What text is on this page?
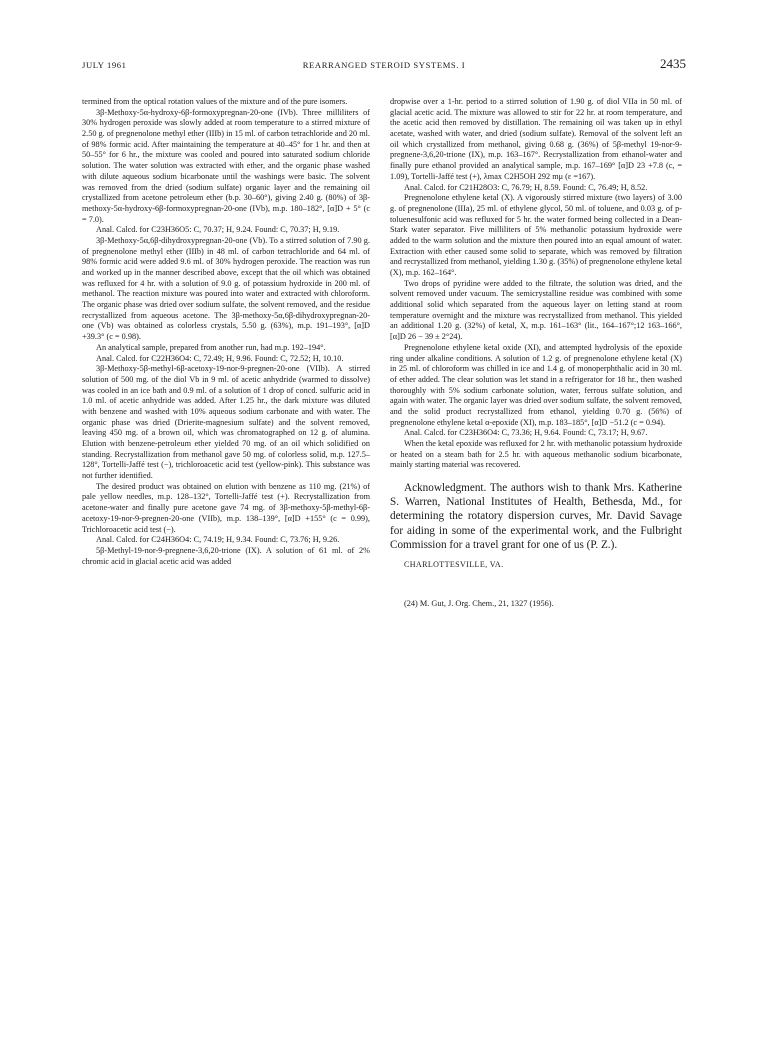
JULY 1961	REARRANGED STEROID SYSTEMS. I	2435

termined from the optical rotation values of the mixture and of the pure isomers.

3β-Methoxy-5α-hydroxy-6β-formoxypregnan-20-one (IVb). Three milliliters of 30% hydrogen peroxide was slowly added at room temperature to a stirred mixture of 2.50 g. of pregnenolone methyl ether (IIIb) in 15 ml. of carbon tetrachloride and 20 ml. of 98% formic acid. After maintaining the temperature at 40–45° for 1 hr. and then at 50–55° for 6 hr., the mixture was cooled and poured into saturated sodium chloride solution. The water solution was extracted with ether, and the organic phase washed with dilute aqueous sodium bicarbonate until the washings were basic. The solvent was removed from the dried (sodium sulfate) organic layer and the remaining oil crystallized from acetone petroleum ether (b.p. 30–60°), giving 2.40 g. (80%) of 3β-methoxy-5α-hydroxy-6β-formoxypregnan-20-one (IVb), m.p. 180–182°, [α]D + 5° (c = 7.0).

Anal. Calcd. for C23H36O5: C, 70.37; H, 9.24. Found: C, 70.37; H, 9.19.

3β-Methoxy-5α,6β-dihydroxypregnan-20-one (Vb). To a stirred solution of 7.90 g. of pregnenolone methyl ether (IIIb) in 48 ml. of carbon tetrachloride and 64 ml. of 98% formic acid were added 9.6 ml. of 30% hydrogen peroxide. The reaction was run and worked up in the manner described above, except that the oil which was obtained was refluxed for 4 hr. with a solution of 9.0 g. of potassium hydroxide in 200 ml. of methanol. The reaction mixture was poured into water and extracted with chloroform. The organic phase was dried over sodium sulfate, the solvent removed, and the residue recrystallized from aqueous acetone. The 3β-methoxy-5α,6β-dihydroxypregnan-20-one (Vb) was obtained as colorless crystals, 5.50 g. (63%), m.p. 191–193°, [α]D +39.3° (c = 0.98).

An analytical sample, prepared from another run, had m.p. 192–194°.

Anal. Calcd. for C22H36O4: C, 72.49; H, 9.96. Found: C, 72.52; H, 10.10.

3β-Methoxy-5β-methyl-6β-acetoxy-19-nor-9-pregnen-20-one (VIIb). A stirred solution of 500 mg. of the diol Vb in 9 ml. of acetic anhydride (warmed to dissolve) was cooled in an ice bath and 0.9 ml. of a solution of 1 drop of concd. sulfuric acid in 1.0 ml. of acetic anhydride was added. After 1.25 hr., the dark mixture was diluted with benzene and washed with 10% aqueous sodium carbonate and with water. The organic phase was dried (Drierite-magnesium sulfate) and the solvent removed, leaving 450 mg. of a brown oil, which was chromatographed on 12 g. of alumina. Elution with benzene-petroleum ether yielded 70 mg. of an oil which solidified on standing. Recrystallization from methanol gave 50 mg. of colorless solid, m.p. 127.5–128°, Tortelli-Jaffé test (−), trichloroacetic acid test (yellow-pink). This substance was not further identified.

The desired product was obtained on elution with benzene as 110 mg. (21%) of pale yellow needles, m.p. 128–132°, Tortelli-Jaffé test (+). Recrystallization from acetone-water and finally pure acetone gave 74 mg. of 3β-methoxy-5β-methyl-6β-acetoxy-19-nor-9-pregnen-20-one (VIIb), m.p. 138–139°, [α]D +155° (c = 0.99), Trichloroacetic acid test (−).

Anal. Calcd. for C24H36O4: C, 74.19; H, 9.34. Found: C, 73.76; H, 9.26.

5β-Methyl-19-nor-9-pregnene-3,6,20-trione (IX). A solution of 61 ml. of 2% chromic acid in glacial acetic acid was added

dropwise over a 1-hr. period to a stirred solution of 1.90 g. of diol VIIa in 50 ml. of glacial acetic acid. The mixture was allowed to stir for 22 hr. at room temperature, and the acetic acid then removed by distillation. The remaining oil was taken up in ethyl acetate, washed with water, and dried (sodium sulfate). Removal of the solvent left an oil which crystallized from methanol, giving 0.68 g. (36%) of 5β-methyl 19-nor-9-pregnene-3,6,20-trione (IX), m.p. 163–167°. Recrystallization from ethanol-water and finally pure ethanol provided an analytical sample, m.p. 167–169° [α]D 23 +7.8 (c, = 1.09), Tortelli-Jaffé test (+), λmax C2H5OH 292 mμ (ε =167).

Anal. Calcd. for C21H28O3: C, 76.79; H, 8.59. Found: C, 76.49; H, 8.52.

Pregnenolone ethylene ketal (X). A vigorously stirred mixture (two layers) of 3.00 g. of pregnenolone (IIIa), 25 ml. of ethylene glycol, 50 ml. of toluene, and 0.03 g. of p-toluenesulfonic acid was refluxed for 5 hr. the water formed being collected in a Dean-Stark water separator. Five milliliters of 5% methanolic potassium hydroxide were added to the warm solution and the mixture then poured into an equal amount of water. Extraction with ether caused some solid to separate, which was removed by filtration and recrystallized from methanol, yielding 1.30 g. (35%) of pregnenolone ethylene ketal (X), m.p. 162–164°.

Two drops of pyridine were added to the filtrate, the solution was dried, and the solvent removed under vacuum. The semicrystalline residue was combined with some additional solid which separated from the aqueous layer on letting stand at room temperature overnight and the mixture was recrystallized from methanol. This yielded an additional 1.20 g. (32%) of ketal, X, m.p. 161–163° (lit., 164–167°;12 163–166°, [α]D 26 − 39 ± 2°24).

Pregnenolone ethylene ketal oxide (XI), and attempted hydrolysis of the epoxide ring under alkaline conditions. A solution of 1.2 g. of pregnenolone ethylene ketal (X) in 25 ml. of chloroform was chilled in ice and 1.4 g. of monoperphthalic acid in 30 ml. of ether added. The clear solution was let stand in a refrigerator for 18 hr., then washed thoroughly with 5% sodium carbonate solution, water, ferrous sulfate solution, and again with water. The organic layer was dried over sodium sulfate, the solvent removed, and the solid product recrystallized from ethanol, yielding 0.70 g. (56%) of pregnenolone ethylene ketal α-epoxide (XI), m.p. 183–185°, [α]D −51.2 (c = 0.94).

Anal. Calcd. for C23H36O4: C, 73.36; H, 9.64. Found: C, 73.17; H, 9.67.

When the ketal epoxide was refluxed for 2 hr. with methanolic potassium hydroxide or heated on a steam bath for 2.5 hr. with aqueous methanolic sodium bicarbonate, mainly starting material was recovered.

Acknowledgment. The authors wish to thank Mrs. Katherine S. Warren, National Institutes of Health, Bethesda, Md., for determining the rotatory dispersion curves, Mr. David Savage for aiding in some of the experimental work, and the Fulbright Commission for a travel grant for one of us (P. Z.).

CHARLOTTESVILLE, VA.

(24) M. Gut, J. Org. Chem., 21, 1327 (1956).
